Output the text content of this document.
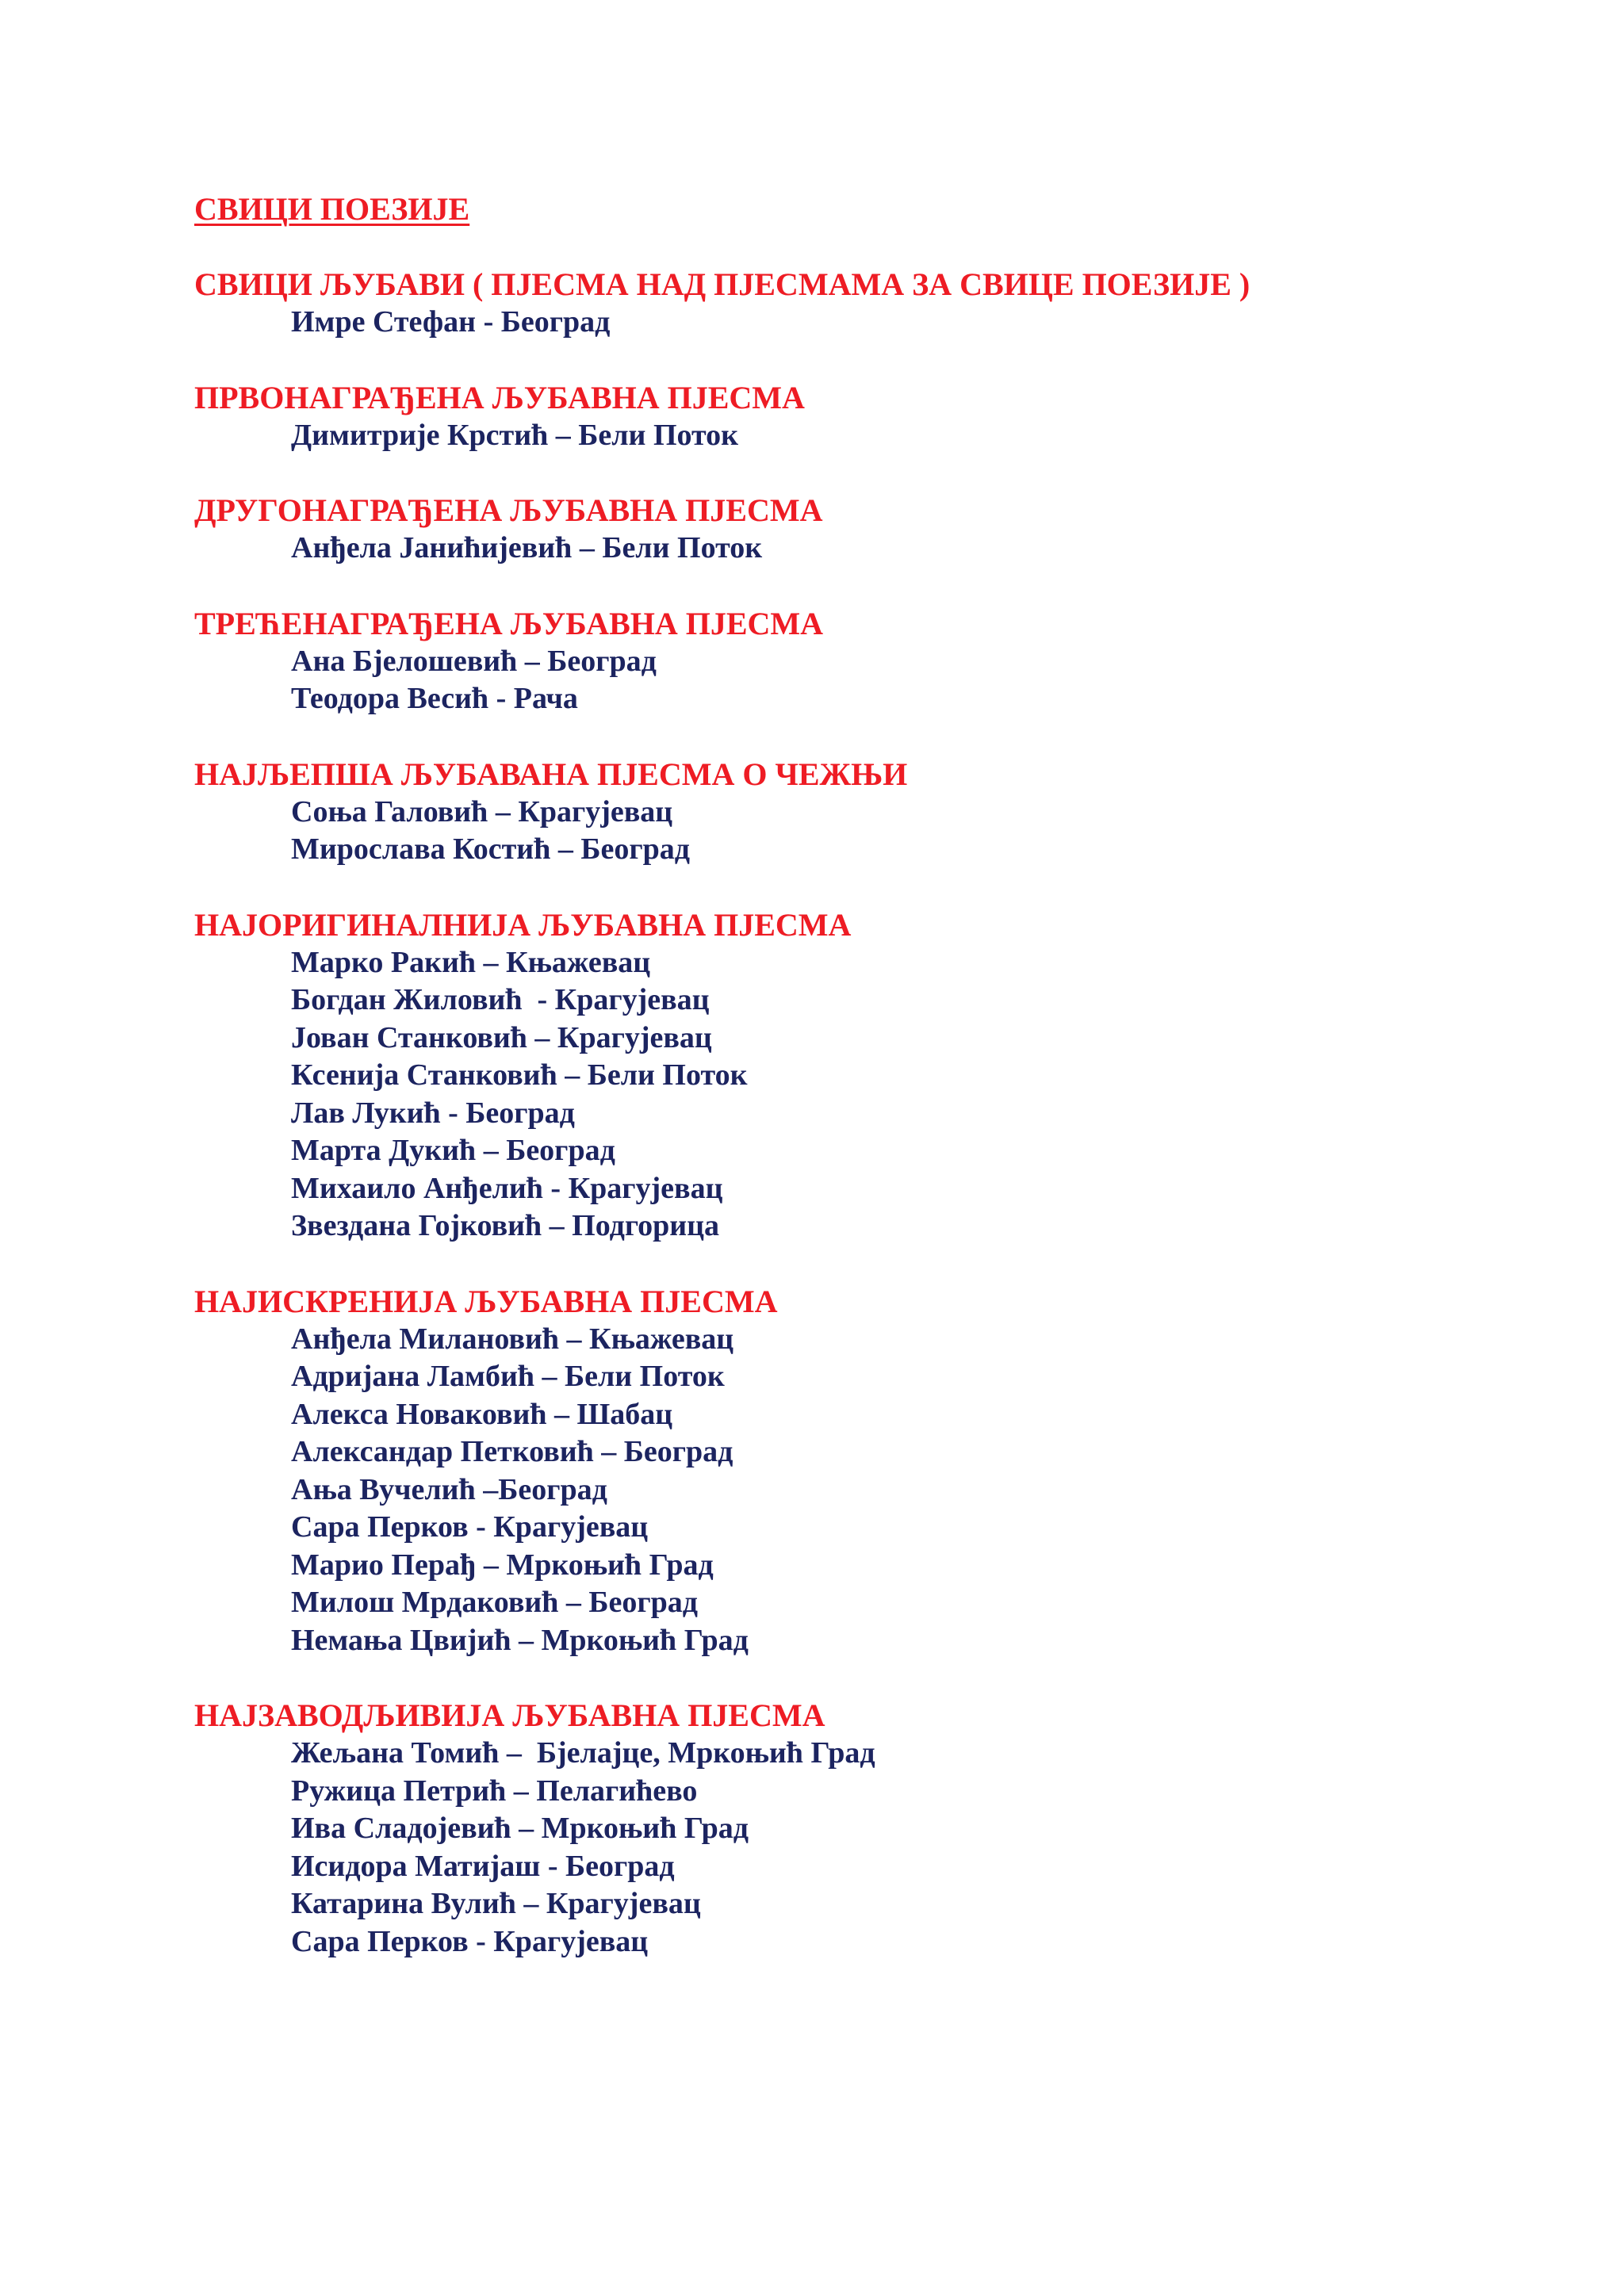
СВИЦИ ПОЕЗИЈЕ
СВИЦИ ЉУБАВИ ( ПЈЕСМА НАД ПЈЕСМАМА ЗА СВИЦЕ ПОЕЗИЈЕ )
Имре Стефан - Београд
ПРВОНАГРАЂЕНА ЉУБАВНА ПЈЕСМА
Димитрије Крстић – Бели Поток
ДРУГОНАГРАЂЕНА ЉУБАВНА ПЈЕСМА
Анђела Јанићијевић – Бели Поток
ТРЕЋЕНАГРАЂЕНА ЉУБАВНА ПЈЕСМА
Ана Бјелошевић – Београд
Теодора Весић - Рача
НАЈЉЕПША ЉУБАВАНА ПЈЕСМА О ЧЕЖЊИ
Соња Галовић – Крагујевац
Мирослава Костић – Београд
НАЈОРИГИНАЛНИЈА ЉУБАВНА ПЈЕСМА
Марко Ракић – Књажевац
Богдан Жиловић  - Крагујевац
Јован Станковић – Крагујевац
Ксенија Станковић – Бели Поток
Лав Лукић - Београд
Марта Дукић – Београд
Михаило Анђелић - Крагујевац
Звездана Гојковић – Подгорица
НАЈИСКРЕНИЈА ЉУБАВНА ПЈЕСМА
Анђела Милановић – Књажевац
Адријана Ламбић – Бели Поток
Алекса Новаковић – Шабац
Александар Петковић – Београд
Ања Вучелић –Београд
Сара Перков - Крагујевац
Марио Перађ – Мркоњић Град
Милош Мрдаковић – Београд
Немања Цвијић – Мркоњић Град
НАЈЗАВОДЉИВИЈА ЉУБАВНА ПЈЕСМА
Жељана Томић –  Бјелајце, Мркоњић Град
Ружица Петрић – Пелагићево
Ива Сладојевић – Мркоњић Град
Исидора Матијаш - Београд
Катарина Вулић – Крагујевац
Сара Перков - Крагујевац
